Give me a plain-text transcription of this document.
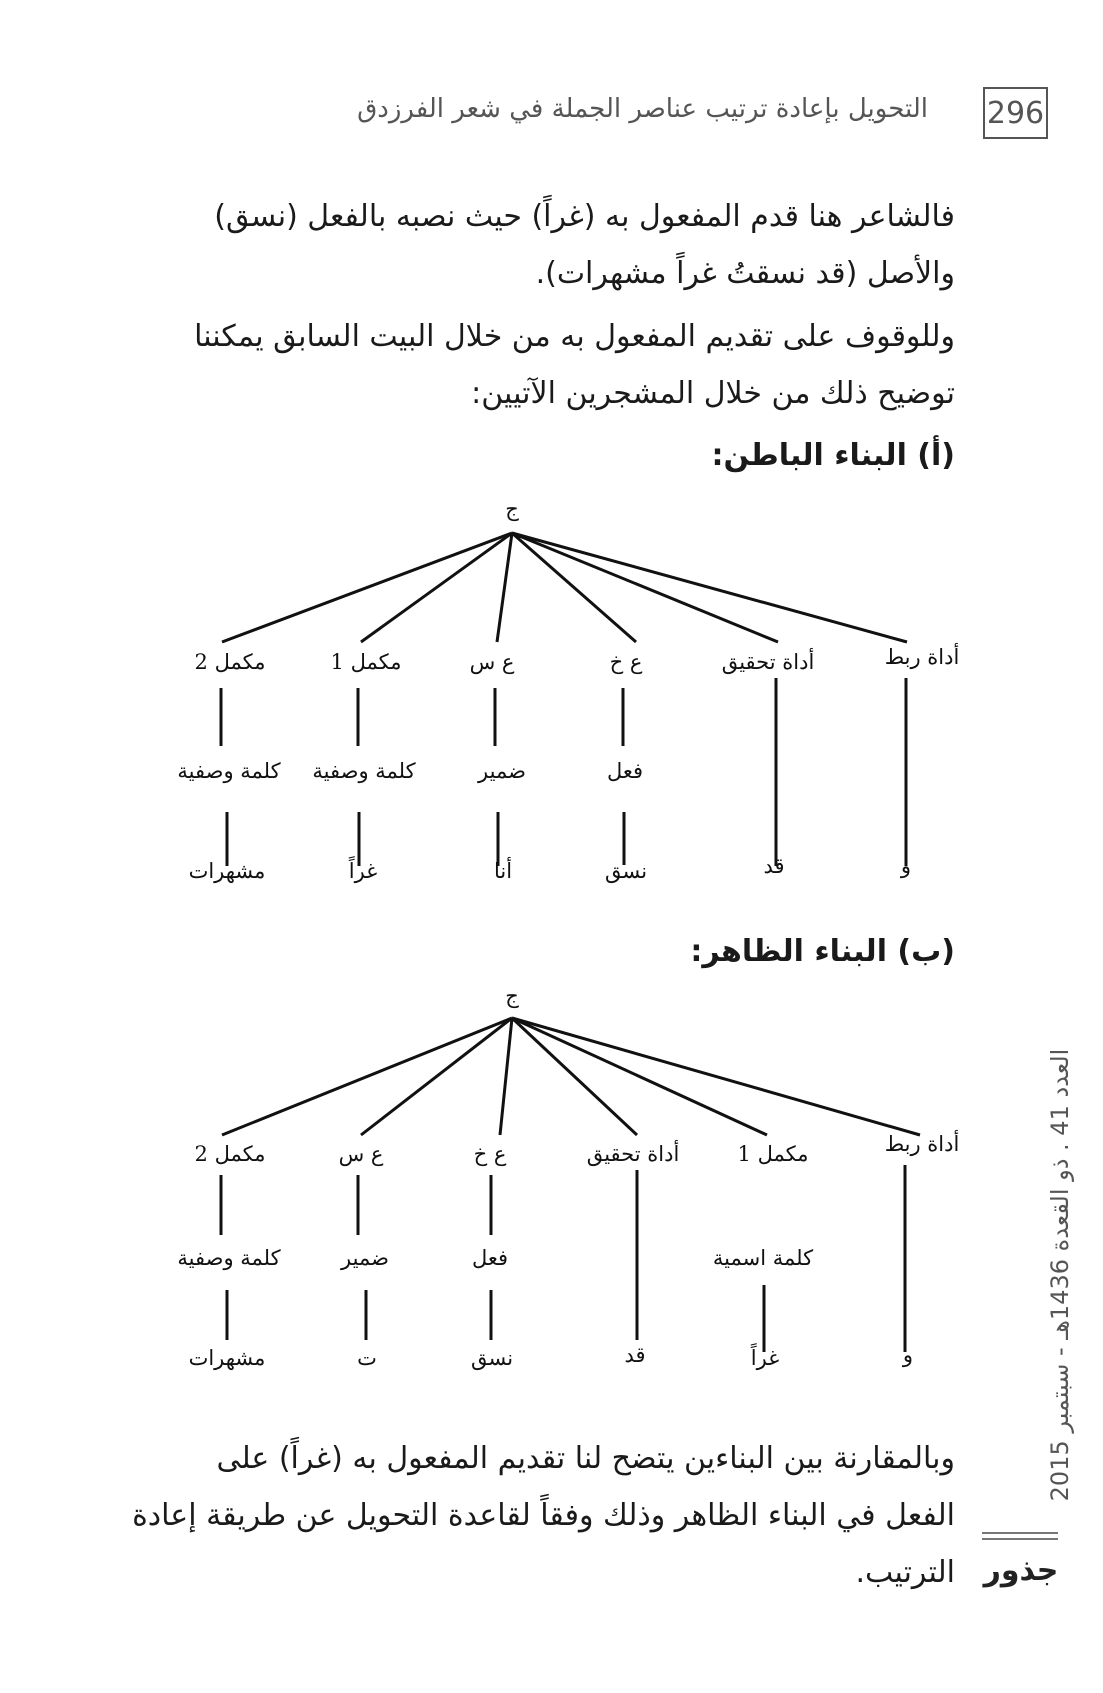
296
التحويل بإعادة ترتيب عناصر الجملة في شعر الفرزدق

فالشاعر هنا قدم المفعول به (غراً) حيث نصبه بالفعل (نسق)
والأصل (قد نسقتُ غراً مشهرات).

وللوقوف على تقديم المفعول به من خلال البيت السابق يمكننا
توضيح ذلك من خلال المشجرين الآتيين:

(أ) البناء الباطن:
ج
أداة ربط
أداة تحقيق
ع خ
ع س
مكمل 1
مكمل 2
فعل
ضمير
كلمة وصفية
كلمة وصفية
و
قد
نسق
أنا
غراً
مشهرات
ج
أداة ربط
مكمل 1
أداة تحقيق
ع خ
ع س
مكمل 2
كلمة اسمية
فعل
ضمير
كلمة وصفية
و
غراً
قد
نسق
ت
مشهرات
(ب) البناء الظاهر:

وبالمقارنة بين البناءين يتضح لنا تقديم المفعول به (غراً) على
الفعل في البناء الظاهر وذلك وفقاً لقاعدة التحويل عن طريقة إعادة
الترتيب.

العدد 41 . ذو القعدة 1436هـ - سبتمبر 2015
جذور
